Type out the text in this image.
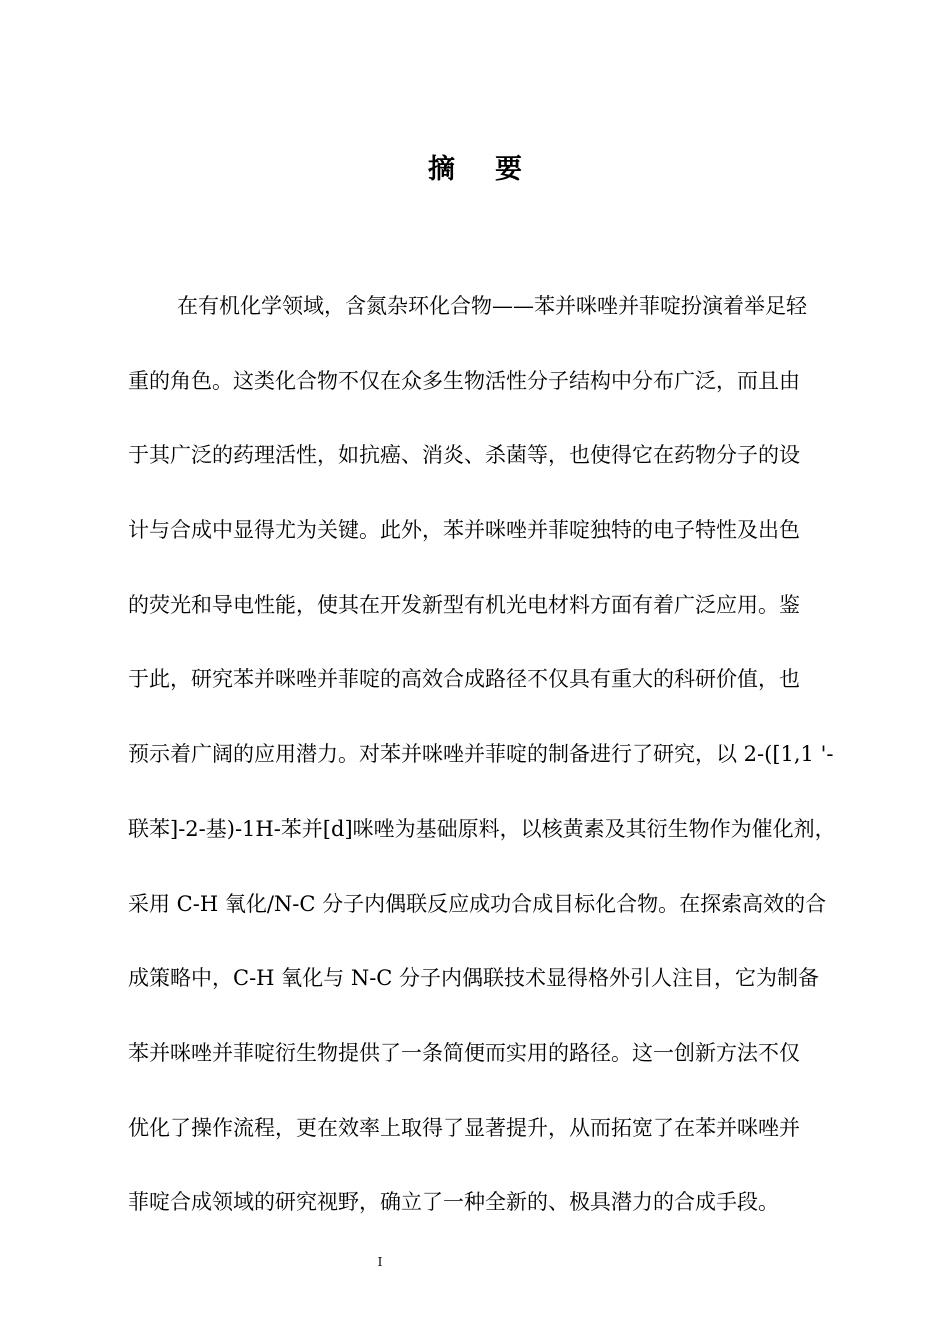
摘要
在有机化学领域，含氮杂环化合物——苯并咪唑并菲啶扮演着举足轻
重的角色。这类化合物不仅在众多生物活性分子结构中分布广泛，而且由
于其广泛的药理活性，如抗癌、消炎、杀菌等，也使得它在药物分子的设
计与合成中显得尤为关键。此外，苯并咪唑并菲啶独特的电子特性及出色
的荧光和导电性能，使其在开发新型有机光电材料方面有着广泛应用。鉴
于此，研究苯并咪唑并菲啶的高效合成路径不仅具有重大的科研价值，也
预示着广阔的应用潜力。对苯并咪唑并菲啶的制备进行了研究，以 2-([1,1 '-
联苯]-2-基)-1H-苯并[d]咪唑为基础原料，以核黄素及其衍生物作为催化剂，
采用 C-H 氧化/N-C 分子内偶联反应成功合成目标化合物。在探索高效的合
成策略中，C-H 氧化与 N-C 分子内偶联技术显得格外引人注目，它为制备
苯并咪唑并菲啶衍生物提供了一条简便而实用的路径。这一创新方法不仅
优化了操作流程，更在效率上取得了显著提升，从而拓宽了在苯并咪唑并
菲啶合成领域的研究视野，确立了一种全新的、极具潜力的合成手段。
I
